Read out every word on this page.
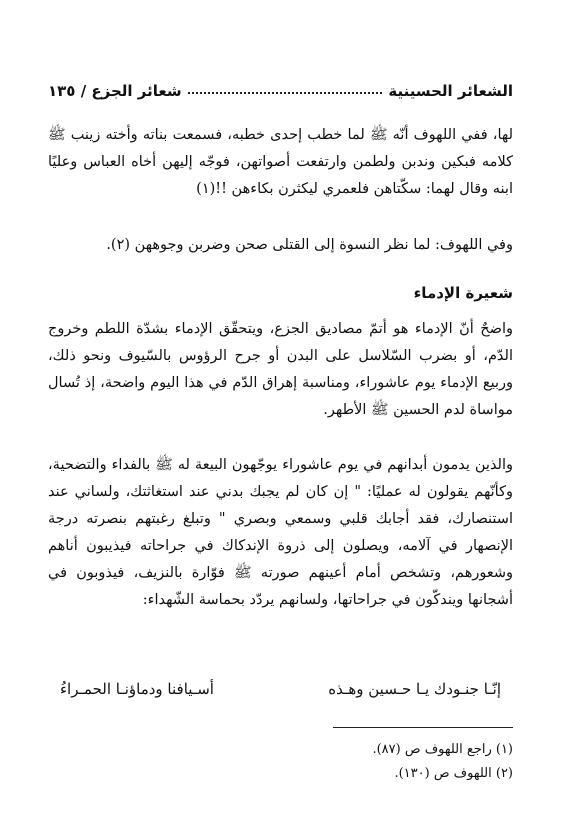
الشعائر الحسينية
شعائر الجزع / ١٣٥

لها، ففي اللهوف أنّه ﷺ لما خطب إحدى خطبه، فسمعت بناته وأخته زينب ﷺ كلامه فبكين وندبن ولطمن وارتفعت أصواتهن، فوجّه إليهن أخاه العباس وعليًا ابنه وقال لهما: سكّتاهن فلعمري ليكثرن بكاءهن !!(١)

وفي اللهوف: لما نظر النسوة إلى القتلى صحن وضربن وجوههن (٢).

شعيرة الإدماء

واضحٌ أنّ الإدماء هو أتمّ مصاديق الجزع، ويتحقّق الإدماء بشدّة اللطم وخروج الدّم، أو بضرب السّلاسل على البدن أو جرح الرؤوس بالسّيوف ونحو ذلك، وربيع الإدماء يوم عاشوراء، ومناسبة إهراق الدّم في هذا اليوم واضحة، إذ تُسال مواساة لدم الحسين ﷺ الأطهر.

والذين يدمون أبدانهم في يوم عاشوراء يوجّهون البيعة له ﷺ بالفداء والتضحية، وكأنّهم يقولون له عمليًا: " إن كان لم يجبك بدني عند استغاثتك، ولساني عند استنصارك، فقد أجابك قلبي وسمعي وبصري " وتبلغ رغبتهم بنصرته درجة الإنصهار في آلامه، ويصلون إلى ذروة الإندكاك في جراحاته فيذيبون أناهم وشعورهم، وتشخص أمام أعينهم صورته ﷺ فوّارة بالنزيف، فيذوبون في أشجانها ويندكّون في جراحاتها، ولسانهم يردّد بحماسة الشّهداء:

إنّـا جنـودك يـا حـسين وهـذه
أسـيافنا ودماؤنـا الحمـراءُ
(١) راجع اللهوف ص (٨٧).
(٢) اللهوف ص (١٣٠).
